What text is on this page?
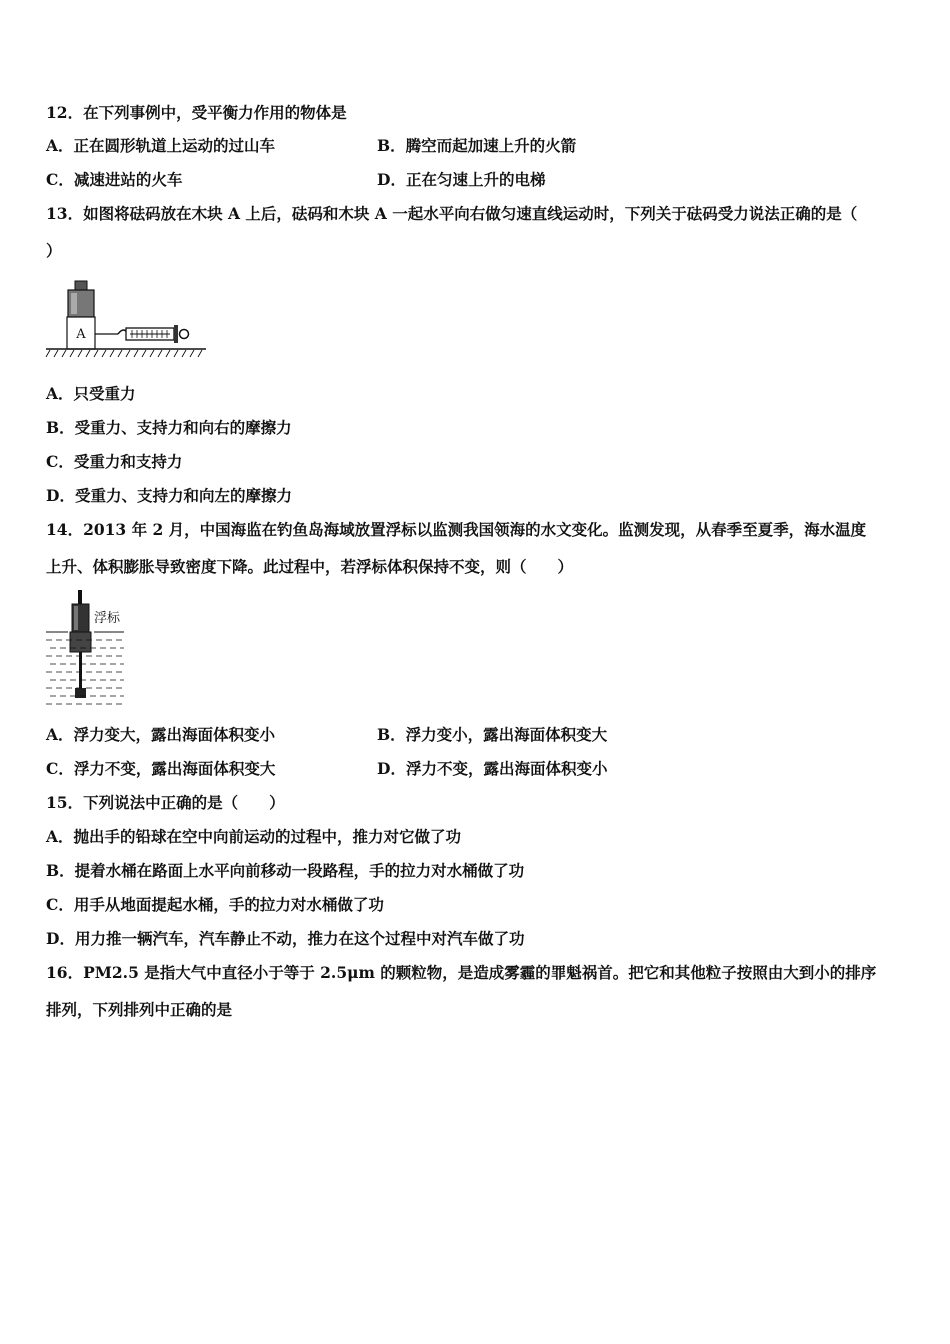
12．在下列事例中，受平衡力作用的物体是
A．正在圆形轨道上运动的过山车	B．腾空而起加速上升的火箭
C．减速进站的火车	D．正在匀速上升的电梯
13．如图将砝码放在木块 A 上后，砝码和木块 A 一起水平向右做匀速直线运动时，下列关于砝码受力说法正确的是（
）
A
A．只受重力
B．受重力、支持力和向右的摩擦力
C．受重力和支持力
D．受重力、支持力和向左的摩擦力
14．2013 年 2 月，中国海监在钓鱼岛海域放置浮标以监测我国领海的水文变化。监测发现，从春季至夏季，海水温度
上升、体积膨胀导致密度下降。此过程中，若浮标体积保持不变，则（　　）
浮标
A．浮力变大，露出海面体积变小	B．浮力变小，露出海面体积变大
C．浮力不变，露出海面体积变大	D．浮力不变，露出海面体积变小
15．下列说法中正确的是（　　）
A．抛出手的铅球在空中向前运动的过程中，推力对它做了功
B．提着水桶在路面上水平向前移动一段路程，手的拉力对水桶做了功
C．用手从地面提起水桶，手的拉力对水桶做了功
D．用力推一辆汽车，汽车静止不动，推力在这个过程中对汽车做了功
16．PM2.5 是指大气中直径小于等于 2.5μm 的颗粒物，是造成雾霾的罪魁祸首。把它和其他粒子按照由大到小的排序
排列，下列排列中正确的是
